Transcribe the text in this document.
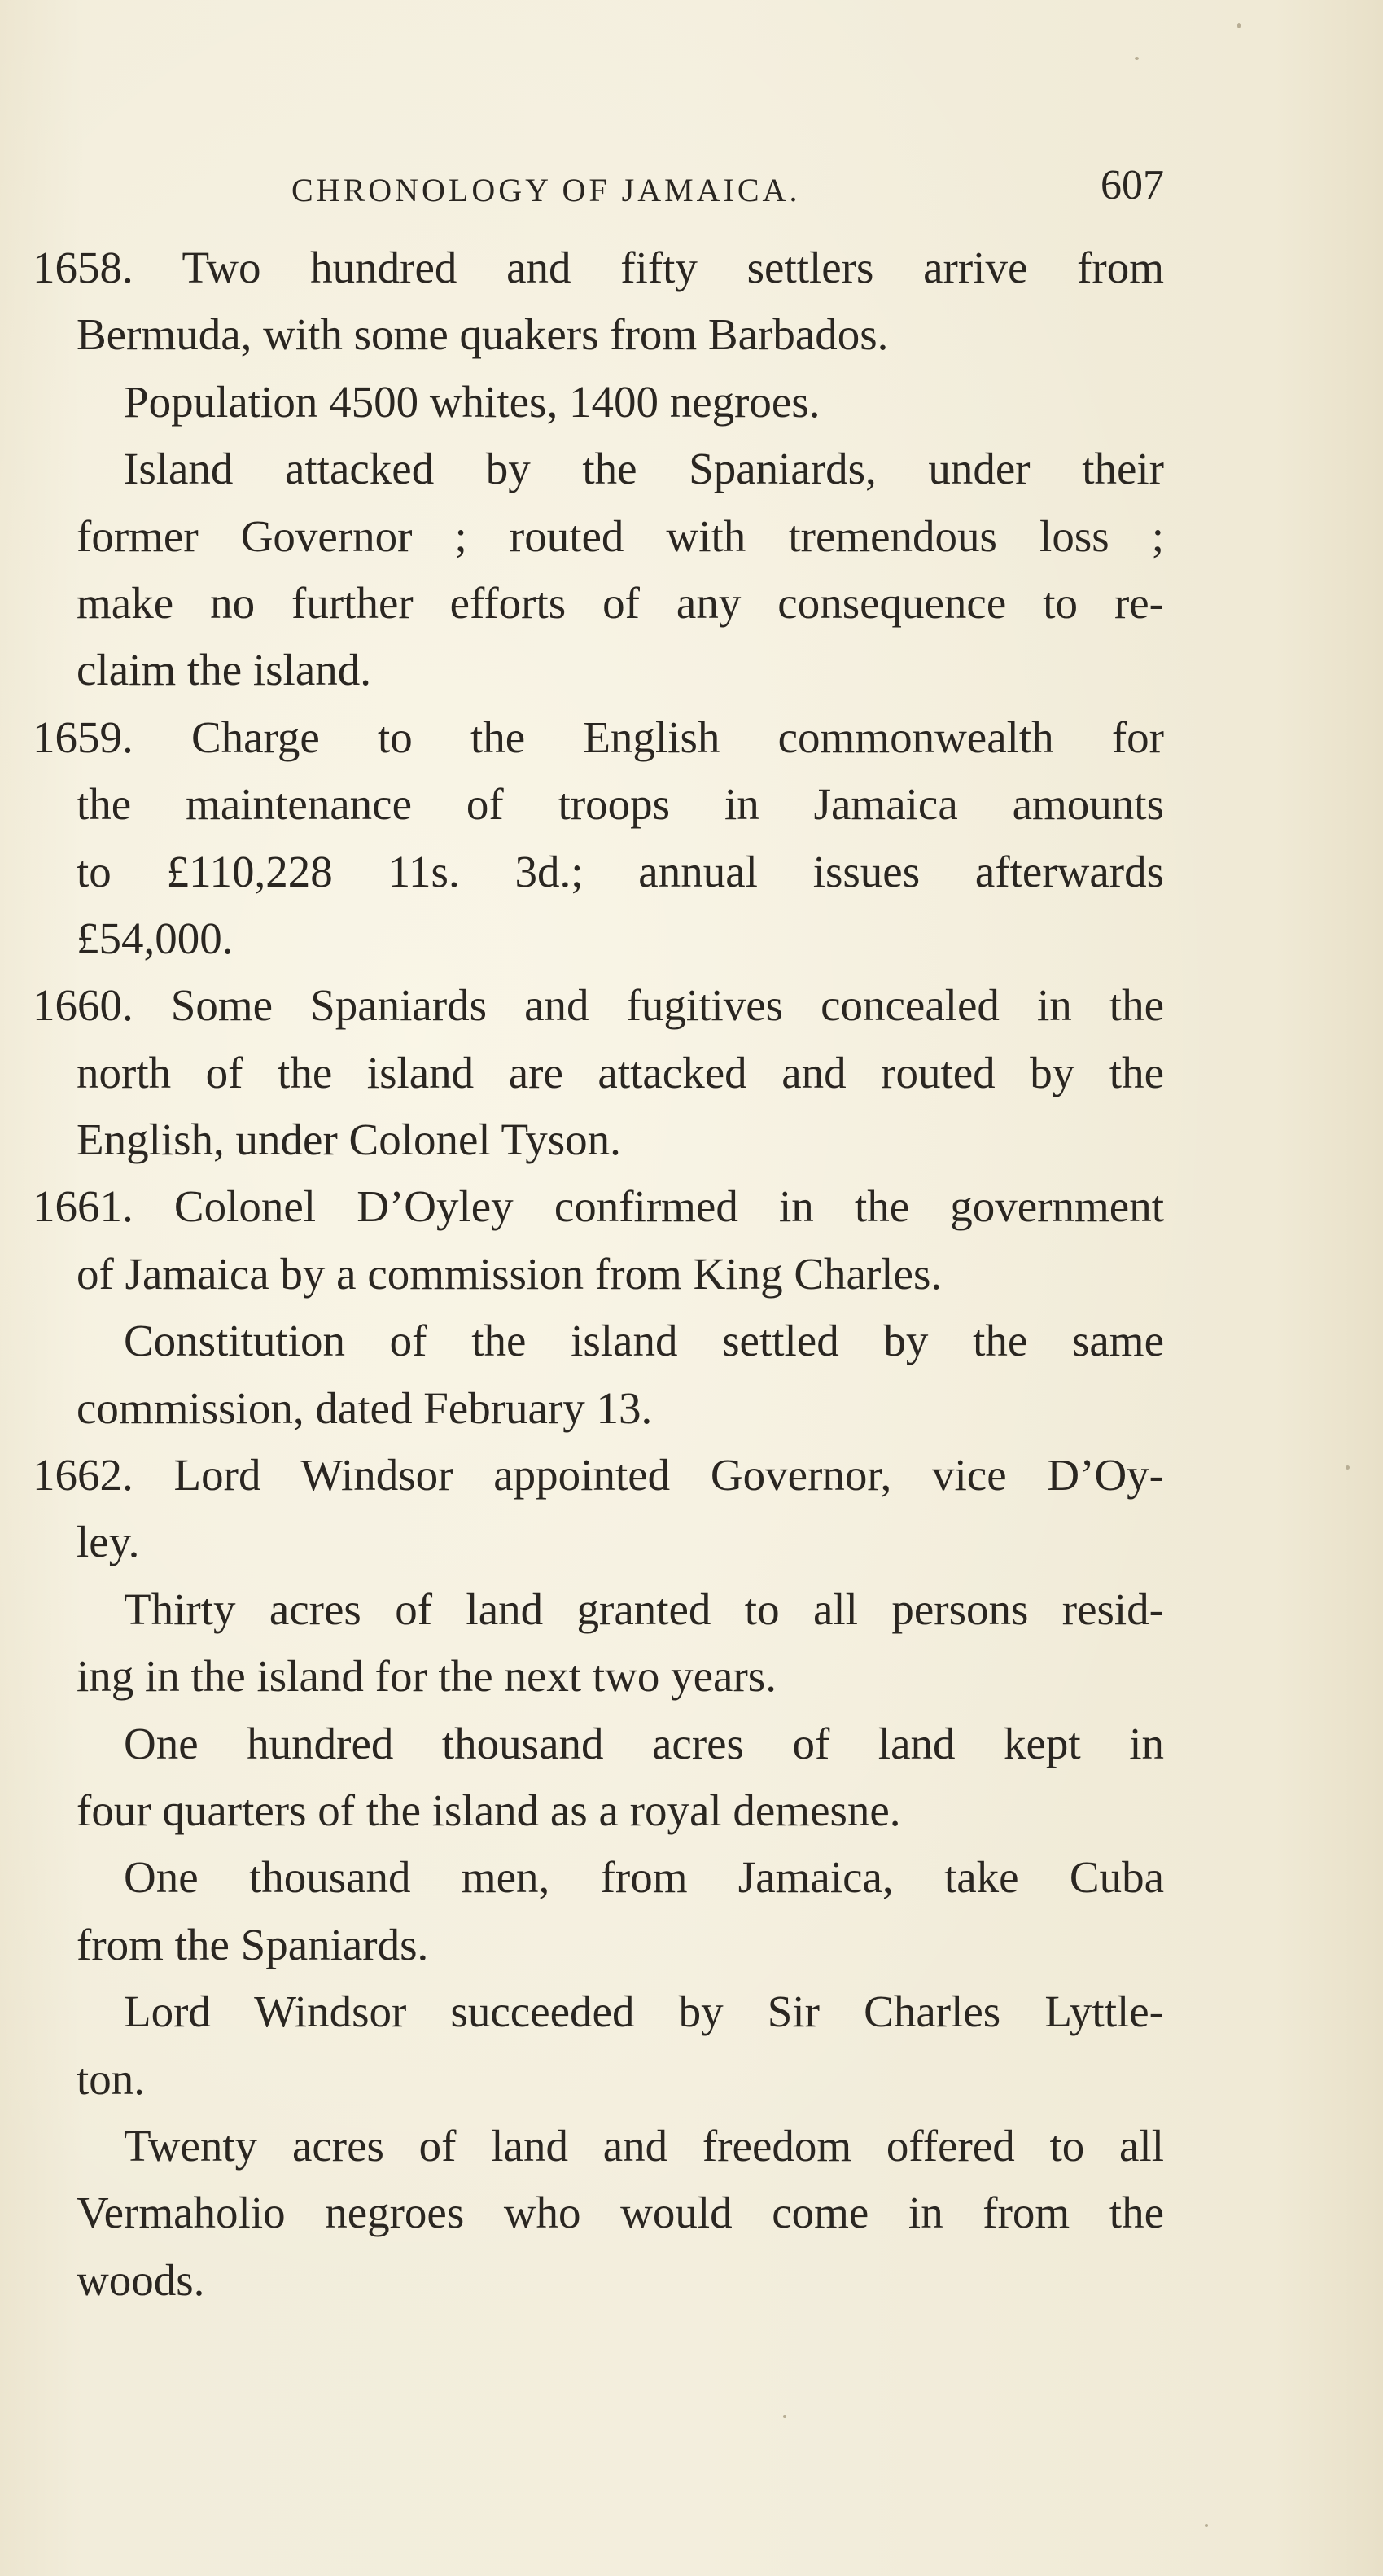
CHRONOLOGY OF JAMAICA.	607
1658. Two hundred and fifty settlers arrive from
Bermuda, with some quakers from Barbados.
Population 4500 whites, 1400 negroes.
Island attacked by the Spaniards, under their
former Governor ; routed with tremendous loss ;
make no further efforts of any consequence to re-
claim the island.
1659. Charge to the English commonwealth for
the maintenance of troops in Jamaica amounts
to £110,228 11s. 3d.; annual issues afterwards
£54,000.
1660. Some Spaniards and fugitives concealed in the
north of the island are attacked and routed by the
English, under Colonel Tyson.
1661. Colonel D’Oyley confirmed in the government
of Jamaica by a commission from King Charles.
Constitution of the island settled by the same
commission, dated February 13.
1662. Lord Windsor appointed Governor, vice D’Oy-
ley.
Thirty acres of land granted to all persons resid-
ing in the island for the next two years.
One hundred thousand acres of land kept in
four quarters of the island as a royal demesne.
One thousand men, from Jamaica, take Cuba
from the Spaniards.
Lord Windsor succeeded by Sir Charles Lyttle-
ton.
Twenty acres of land and freedom offered to all
Vermaholio negroes who would come in from the
woods.
